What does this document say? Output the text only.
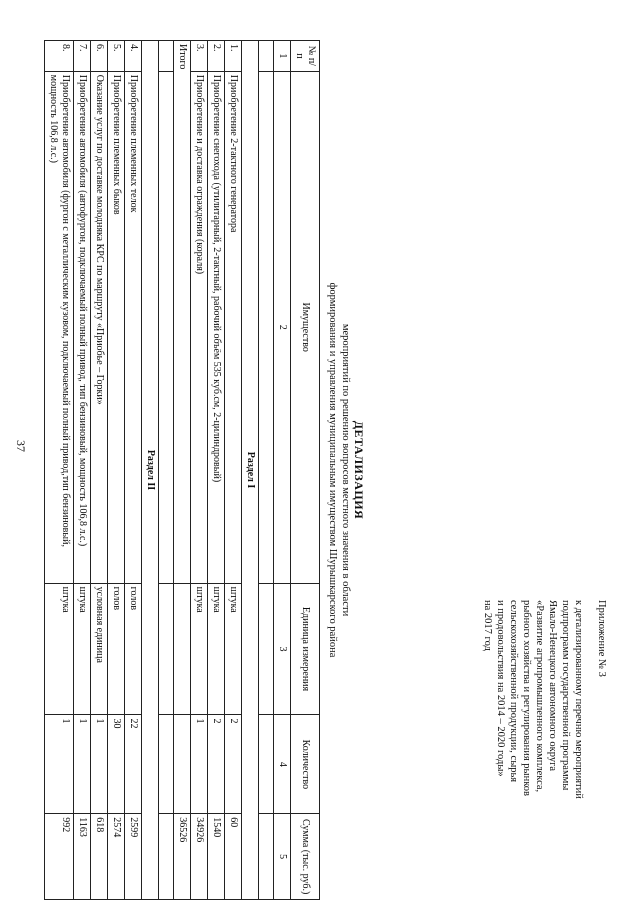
37
Приложение № 3
к детализированному перечню мероприятий
подпрограмм государственной программы
Ямало-Ненецкого автономного округа
«Развитие агропромышленного комплекса,
рыбного хозяйства и регулирования рынков
сельскохозяйственной продукции, сырья
и продовольствия на 2014 – 2020 годы»
на 2017 год
ДЕТАЛИЗАЦИЯ
мероприятий по решению вопросов местного значения в области
формирования и управления муниципальным имуществом Шурышкарского района
№ п/п	Имущество	Единица измерения	Количество	Сумма (тыс. руб.)
1	2	3	4	5

Раздел I				
1.	Приобретение 2-тактного генератора	штука	2	60
2.	Приобретение снегохода (утилитарный, 2-тактный, рабочий объём 535 куб.см, 2-цилиндровый)	штука	2	1540
3.	Приобретение и доставка ограждения (кораля)	штука	1	34926
Итого				36526

Раздел II				
4.	Приобретение племенных телок	голов	22	2599
5.	Приобретение племенных быков	голов	30	2574
6.	Оказание услуг по доставке молодняка КРС по маршруту «Приобье – Горки»	условная единица	1	618
7.	Приобретение автомобиля (автофургон, подключаемый полный привод, тип бензиновый, мощность 106,8 л.с.)	штука	1	1163
8.	Приобретение автомобиля (фургон с металлическим кузовом, подключаемый полный привод,тип бензиновый, мощность 106,8 л.с.)	штука	1	992
